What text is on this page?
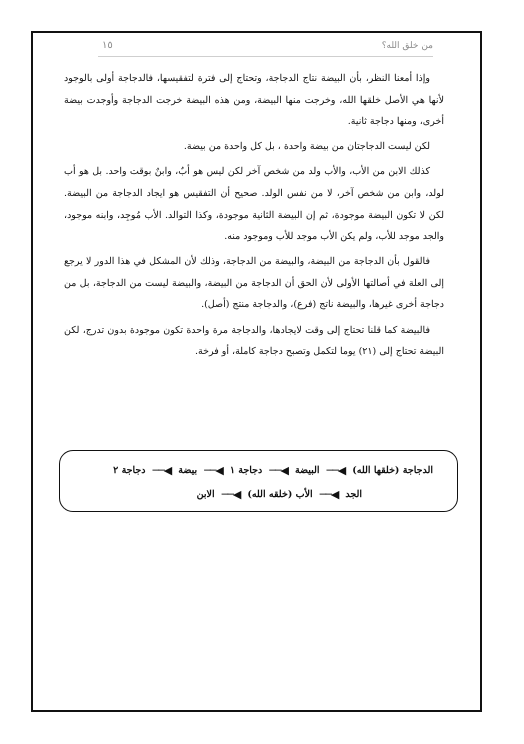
من خلق الله؟
١٥

وإذا أمعنا النظر، بأن البيضة نتاج الدجاجة، وتحتاج إلى فترة لتفقيسها، فالدجاجة أولى بالوجود لأنها هي الأصل خلقها الله، وخرجت منها البيضة، ومن هذه البيضة خرجت الدجاجة وأوجدت بيضة أخرى، ومنها دجاجة ثانية.

لكن ليست الدجاجتان من بيضة واحدة ، بل كل واحدة من بيضة.

كذلك الابن من الأب، والأب ولد من شخص آخر لكن ليس هو أبٌ، وابنٌ بوقت واحد. بل هو أب لولد، وابن من شخص آخر، لا من نفس الولد. صحيح أن التفقيس هو ايجاد الدجاجة من البيضة. لكن لا تكون البيضة موجودة، ثم إن البيضة الثانية موجودة، وكذا التوالد. الأب مُوجِد، وابنه موجود، والجد موجد للأب، ولم يكن الأب موجد للأب وموجود منه.

فالقول بأن الدجاجة من البيضة، والبيضة من الدجاجة، وذلك لأن المشكل في هذا الدور لا يرجع إلى العلة في أصالتها الأولى لأن الحق أن الدجاجة من البيضة، والبيضة ليست من الدجاجة، بل من دجاجة أخرى غيرها، والبيضة ناتج (فرع)، والدجاجة منتج (أصل).

فالبيضة كما قلنا تحتاج إلى وقت لايجادها، والدجاجة مرة واحدة تكون موجودة بدون تدرج، لكن البيضة تحتاج إلى (٢١) يوما لتكمل وتصبح دجاجة كاملة، أو فرخة.

الدجاجة (خلقها الله)
◀──
البيضة
◀──
دجاجة ١
◀──
بيضة
◀──
دجاجة ٢
الجد
◀──
الأب (خلقه الله)
◀──
الابن
